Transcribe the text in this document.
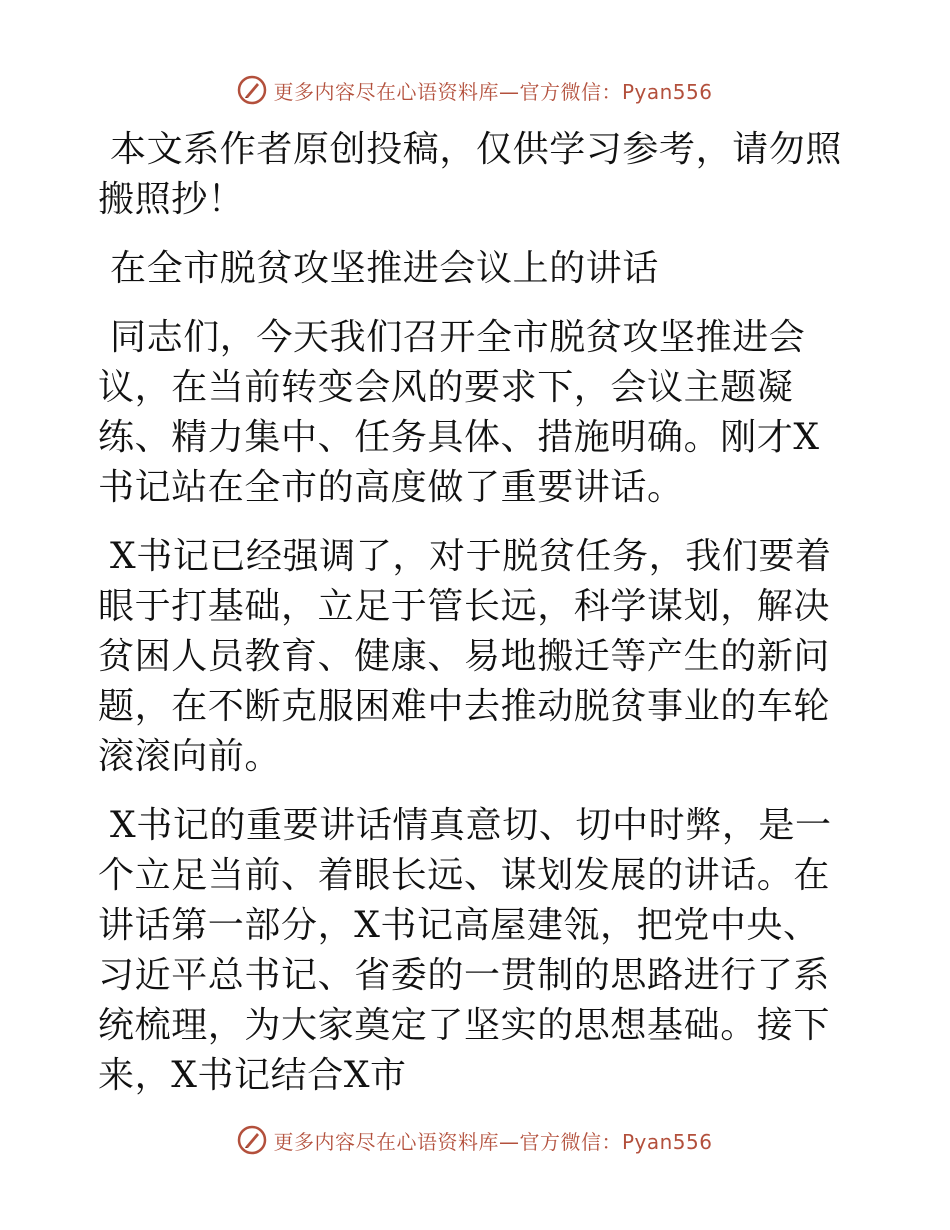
更多内容尽在心语资料库—官方微信：Pyan556

本文系作者原创投稿，仅供学习参考，请勿照搬照抄！

在全市脱贫攻坚推进会议上的讲话

同志们，今天我们召开全市脱贫攻坚推进会议，在当前转变会风的要求下，会议主题凝练、精力集中、任务具体、措施明确。刚才X书记站在全市的高度做了重要讲话。

X书记已经强调了，对于脱贫任务，我们要着眼于打基础，立足于管长远，科学谋划，解决贫困人员教育、健康、易地搬迁等产生的新问题，在不断克服困难中去推动脱贫事业的车轮滚滚向前。

X书记的重要讲话情真意切、切中时弊，是一个立足当前、着眼长远、谋划发展的讲话。在讲话第一部分，X书记高屋建瓴，把党中央、习近平总书记、省委的一贯制的思路进行了系统梳理，为大家奠定了坚实的思想基础。接下来，X书记结合X市

更多内容尽在心语资料库—官方微信：Pyan556
